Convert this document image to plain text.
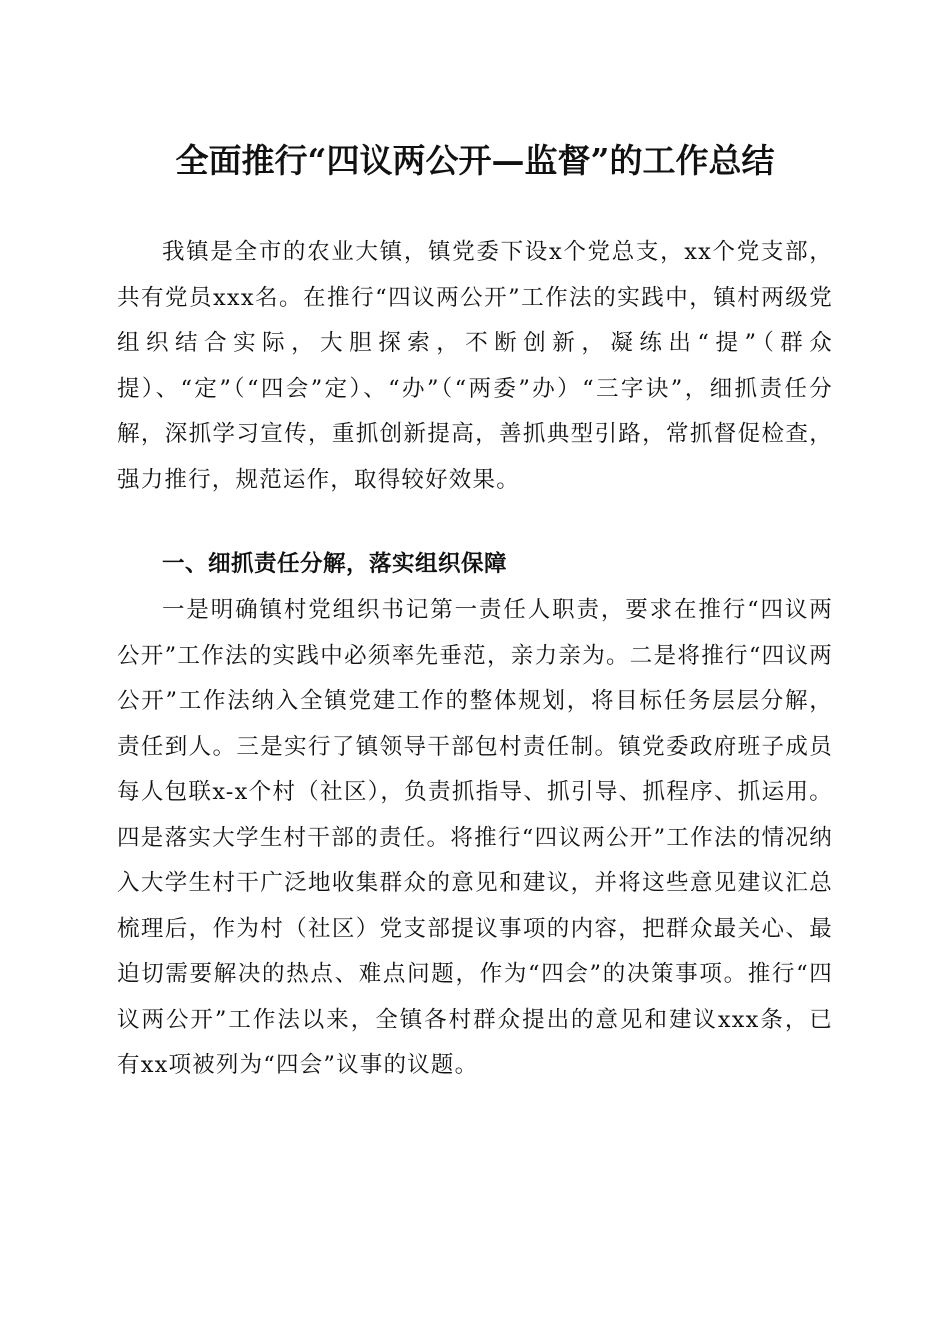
全面推行“四议两公开—监督”的工作总结

我镇是全市的农业大镇，镇党委下设x个党总支，xx个党支部，共有党员xxx名。在推行“四议两公开”工作法的实践中，镇村两级党组织结合实际，大胆探索，不断创新，凝练出“提”（群众提）、“定”（“四会”定）、“办”（“两委”办）“三字诀”，细抓责任分解，深抓学习宣传，重抓创新提高，善抓典型引路，常抓督促检查，强力推行，规范运作，取得较好效果。

一、细抓责任分解，落实组织保障

一是明确镇村党组织书记第一责任人职责，要求在推行“四议两公开”工作法的实践中必须率先垂范，亲力亲为。二是将推行“四议两公开”工作法纳入全镇党建工作的整体规划，将目标任务层层分解，责任到人。三是实行了镇领导干部包村责任制。镇党委政府班子成员每人包联x-x个村（社区），负责抓指导、抓引导、抓程序、抓运用。四是落实大学生村干部的责任。将推行“四议两公开”工作法的情况纳入大学生村干广泛地收集群众的意见和建议，并将这些意见建议汇总梳理后，作为村（社区）党支部提议事项的内容，把群众最关心、最迫切需要解决的热点、难点问题，作为“四会”的决策事项。推行“四议两公开”工作法以来，全镇各村群众提出的意见和建议xxx条，已有xx项被列为“四会”议事的议题。
